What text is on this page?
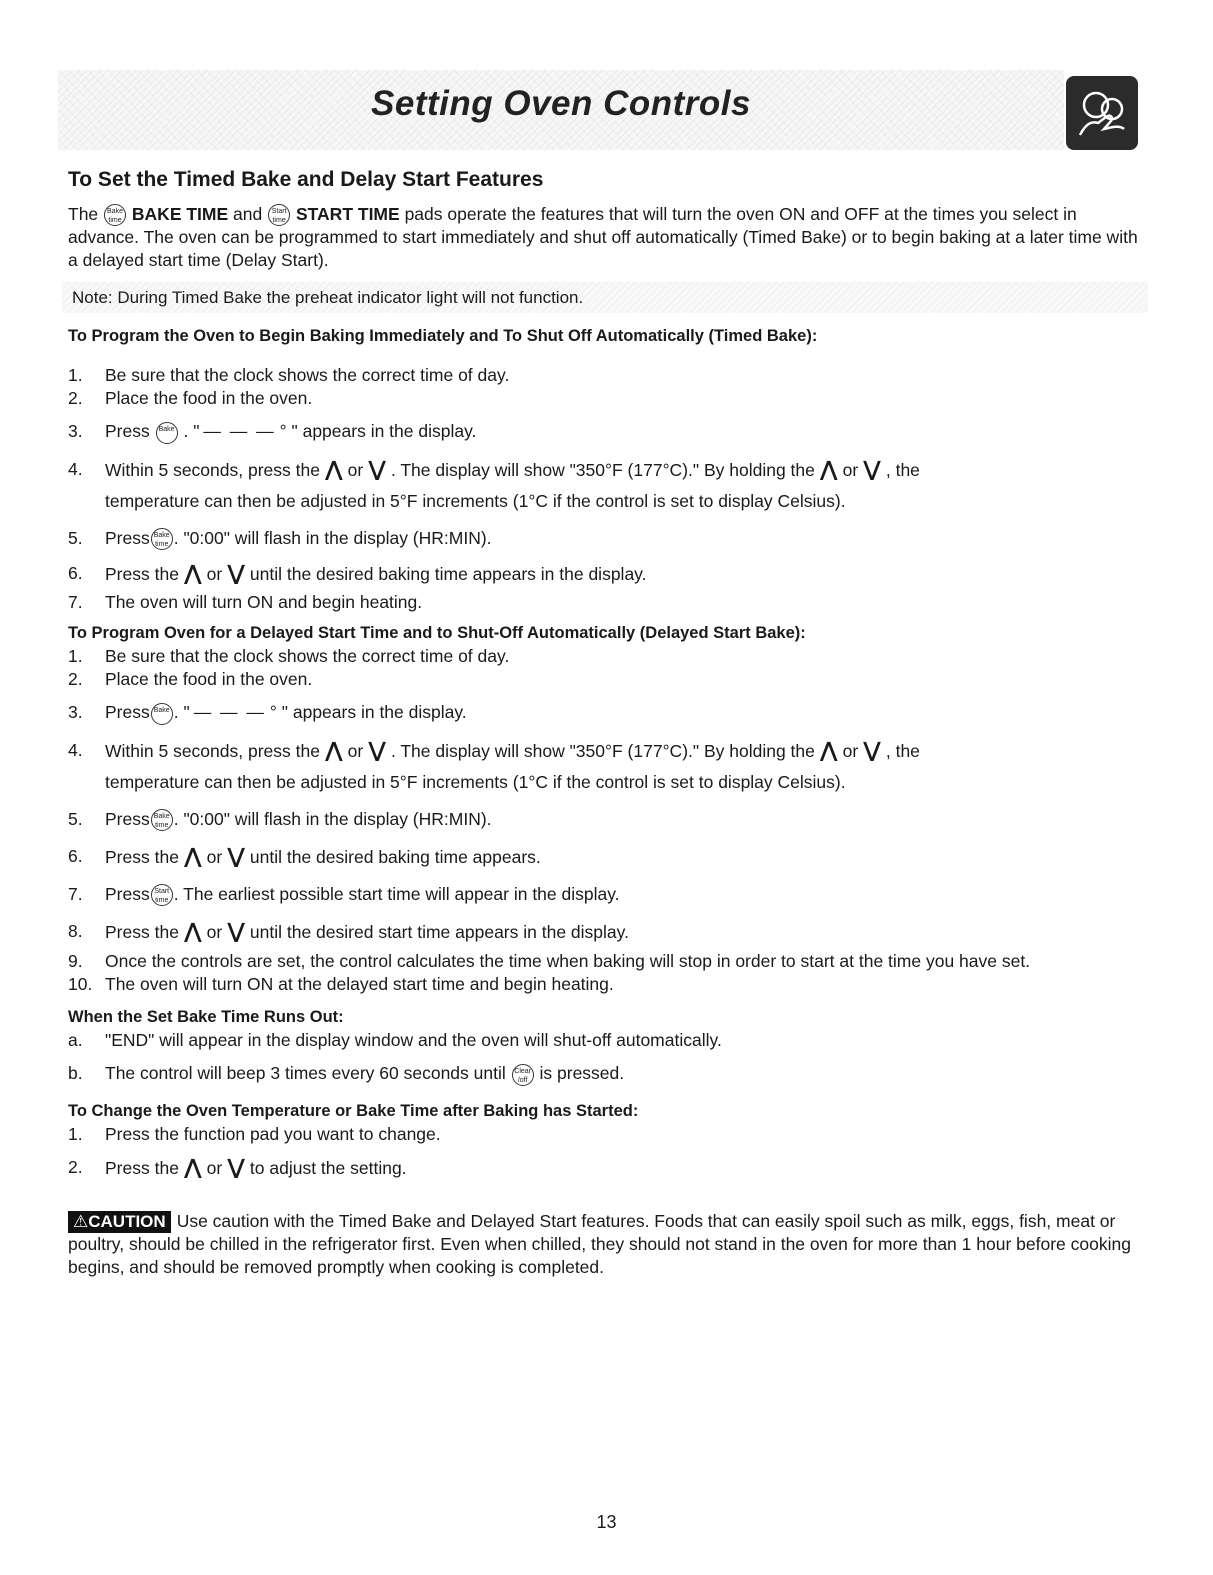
Setting Oven Controls
To Set the Timed Bake and Delay Start Features

The Bake
time BAKE TIME and Start
time START TIME pads operate the features that will turn the oven ON and OFF at the times you select in advance. The oven can be programmed to start immediately and shut off automatically (Timed Bake) or to begin baking at a later time with a delayed start time (Delay Start).

Note: During Timed Bake the preheat indicator light will not function.
To Program the Oven to Begin Baking Immediately and To Shut Off Automatically (Timed Bake):
1. Be sure that the clock shows the correct time of day.
2. Place the food in the oven.
3. Press Bake . " — — — ° " appears in the display.
4. Within 5 seconds, press the ⋀ or ⋁ . The display will show "350°F (177°C)." By holding the ⋀ or ⋁ , the
temperature can then be adjusted in 5°F increments (1°C if the control is set to display Celsius).
5. Press Bake
time . "0:00" will flash in the display (HR:MIN).
6. Press the ⋀ or ⋁ until the desired baking time appears in the display.
7. The oven will turn ON and begin heating.
To Program Oven for a Delayed Start Time and to Shut-Off Automatically (Delayed Start Bake):
1. Be sure that the clock shows the correct time of day.
2. Place the food in the oven.
3. Press Bake . " — — — ° " appears in the display.
4. Within 5 seconds, press the ⋀ or ⋁ . The display will show "350°F (177°C)." By holding the ⋀ or ⋁ , the
temperature can then be adjusted in 5°F increments (1°C if the control is set to display Celsius).
5. Press Bake
time . "0:00" will flash in the display (HR:MIN).
6. Press the ⋀ or ⋁ until the desired baking time appears.
7. Press Start
time . The earliest possible start time will appear in the display.
8. Press the ⋀ or ⋁ until the desired start time appears in the display.
9. Once the controls are set, the control calculates the time when baking will stop in order to start at the time you have set.
10. The oven will turn ON at the delayed start time and begin heating.
When the Set Bake Time Runs Out:
a. "END" will appear in the display window and the oven will shut-off automatically.
b. The control will beep 3 times every 60 seconds until Clear
/off is pressed.
To Change the Oven Temperature or Bake Time after Baking has Started:
1. Press the function pad you want to change.
2. Press the ⋀ or ⋁ to adjust the setting.

⚠CAUTION Use caution with the Timed Bake and Delayed Start features. Foods that can easily spoil such as milk, eggs, fish, meat or poultry, should be chilled in the refrigerator first. Even when chilled, they should not stand in the oven for more than 1 hour before cooking begins, and should be removed promptly when cooking is completed.

13
